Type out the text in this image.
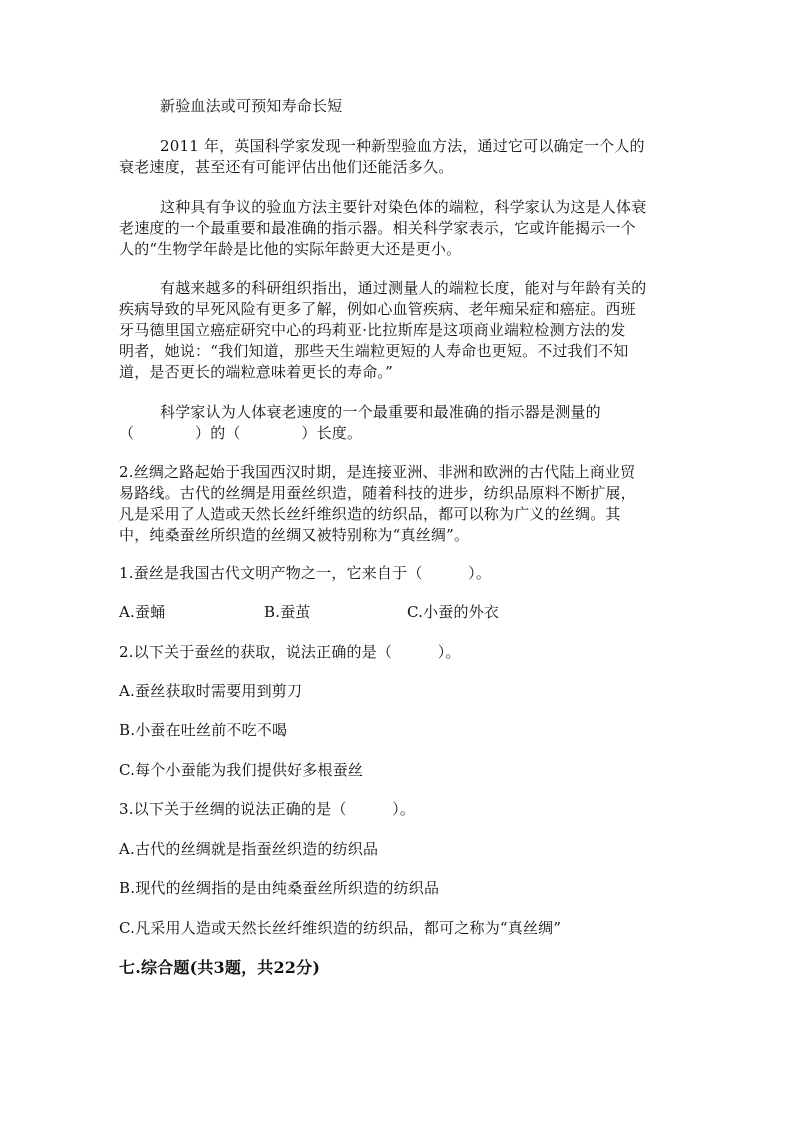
新验血法或可预知寿命长短
2011 年，英国科学家发现一种新型验血方法，通过它可以确定一个人的
衰老速度，甚至还有可能评估出他们还能活多久。
这种具有争议的验血方法主要针对染色体的端粒，科学家认为这是人体衰
老速度的一个最重要和最准确的指示器。相关科学家表示，它或许能揭示一个
人的“生物学年龄是比他的实际年龄更大还是更小。
有越来越多的科研组织指出，通过测量人的端粒长度，能对与年龄有关的
疾病导致的早死风险有更多了解，例如心血管疾病、老年痴呆症和癌症。西班
牙马德里国立癌症研究中心的玛莉亚·比拉斯库是这项商业端粒检测方法的发
明者，她说：“我们知道，那些天生端粒更短的人寿命也更短。不过我们不知
道，是否更长的端粒意味着更长的寿命。”
科学家认为人体衰老速度的一个最重要和最准确的指示器是测量的
（　　　　）的（　　　　）长度。
2.丝绸之路起始于我国西汉时期，是连接亚洲、非洲和欧洲的古代陆上商业贸
易路线。古代的丝绸是用蚕丝织造，随着科技的进步，纺织品原料不断扩展，
凡是采用了人造或天然长丝纤维织造的纺织品，都可以称为广义的丝绸。其
中，纯桑蚕丝所织造的丝绸又被特别称为“真丝绸”。
1.蚕丝是我国古代文明产物之一，它来自于（　　　）。
A.蚕蛹	B.蚕茧	C.小蚕的外衣
2.以下关于蚕丝的获取，说法正确的是（　　　）。
A.蚕丝获取时需要用到剪刀
B.小蚕在吐丝前不吃不喝
C.每个小蚕能为我们提供好多根蚕丝
3.以下关于丝绸的说法正确的是（　　　）。
A.古代的丝绸就是指蚕丝织造的纺织品
B.现代的丝绸指的是由纯桑蚕丝所织造的纺织品
C.凡采用人造或天然长丝纤维织造的纺织品，都可之称为“真丝绸”
七.综合题(共3题，共22分)
